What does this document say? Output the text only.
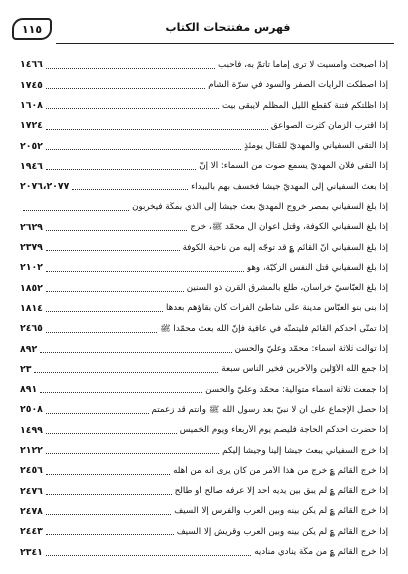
١١٥	فهرس مفتتحات الكتاب
إذا أصبحت وأمسيت لا ترى إماماً تأتمّ به، فأحبب
١٤٦٦
إذا اصطكت الرايات الصفر والسود في سرّة الشام
١٧٤٥
إذا أظلّتكم فتنة كقطع اللّيل المظلم لايبقى بيت
١٦٠٨
إذا اقترب الزمان كثرت الصواعق
١٧٢٤
إذا التقى السفياني والمهديّ للقتال يومئذٍ
٢٠٥٢
إذا التقى فلان المهديّ يسمع صوت من السماء: ألا إنّ
١٩٤٦
إذا بعث السفياني إلى المهديّ جيشاً فخسف بهم بالبيداء
٢٠٧٦،٢٠٧٧
إذا بلغ السفياني بمصر خروج المهديّ بعث جيشاً إلى الّذي بمكّة فيخربون
إذا بلغ السفياني الكوفة، وقتل أعوان آل محمّد ﷺ، خرج
٢٦٢٩
إذا بلغ السفياني أنّ القائم ؏ قد توجّه إليه من ناحية الكوفة
٢٣٧٩
إذا بلغ السفياني قتل النفس الزكيّة، وهو
٢١٠٢
إذا بلغ العبّاسيّ خراسان، طلع بالمشرق القرن ذو السنين
١٨٥٢
إذا بنى بنو العبّاس مدينة على شاطئ الفرات كان بقاؤهم بعدها
١٨١٤
إذا تمنّى أحدكم القائم فليتمنّه في عافية فإنّ الله بعث محمّداً ﷺ
٢٤٦٥
إذا توالت ثلاثة أسماء: محمّد وعليّ والحسن
٨٩٢
إذا جمع الله الأوّلين والآخرين فخير الناس سبعة
٢٣
إذا جمعت ثلاثة أسماء متوالية: محمّد وعليّ والحسن
٨٩١
إذا حصل الإجماع على أن لا نبيّ بعد رسول الله ﷺ وأنتم قد زعمتم
٢٥٠٨
إذا حضرت أحدكم الحاجة فليصم يوم الأربعاء ويوم الخميس
١٤٩٩
إذا خرج السفياني يبعث جيشاً إلينا وجيشاً إليكم
٢١٢٢
إذا خرج القائم ؏ خرج من هذا الأمر من كان يرى أنه من أهله
٢٤٥٦
إذا خرج القائم ؏ لم يبق بين يديه أحد إلّا عرفه صالح أو طالح
٢٤٧٦
إذا خرج القائم ؏ لم يكن بينه وبين العرب والفرس إلّا السيف
٢٤٧٨
إذا خرج القائم ؏ لم يكن بينه وبين العرب وقريش إلّا السيف
٢٤٤٣
إذا خرج القائم ؏ من مكّة ينادي مناديه
٢٣٤١
